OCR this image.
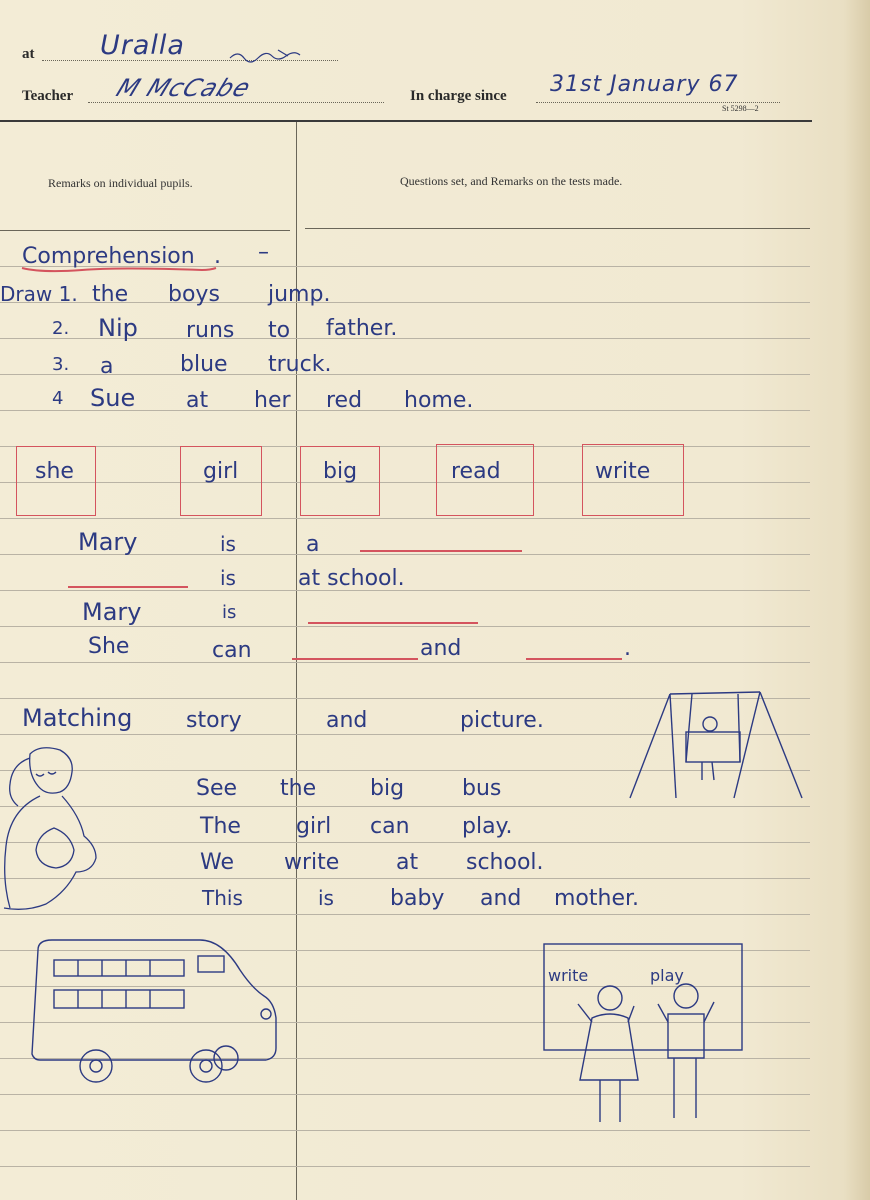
at Uralla
Teacher M McCabe	In charge since 31st January 67
St 5298—2
Remarks on individual pupils.	Questions set, and Remarks on the tests made.
Comprehension . –
Draw 1. the boys jump.
2. Nip runs to father.
3. a	blue truck.
4 Sue at her red home.
she	girl	big	read	write
Mary	is	a
is	at school.
Mary	is
She	can	and	.
Matching story	and	picture.
See the big	bus
The	girl can play.
We write	at school.
This	is	baby and mother.
write	play
